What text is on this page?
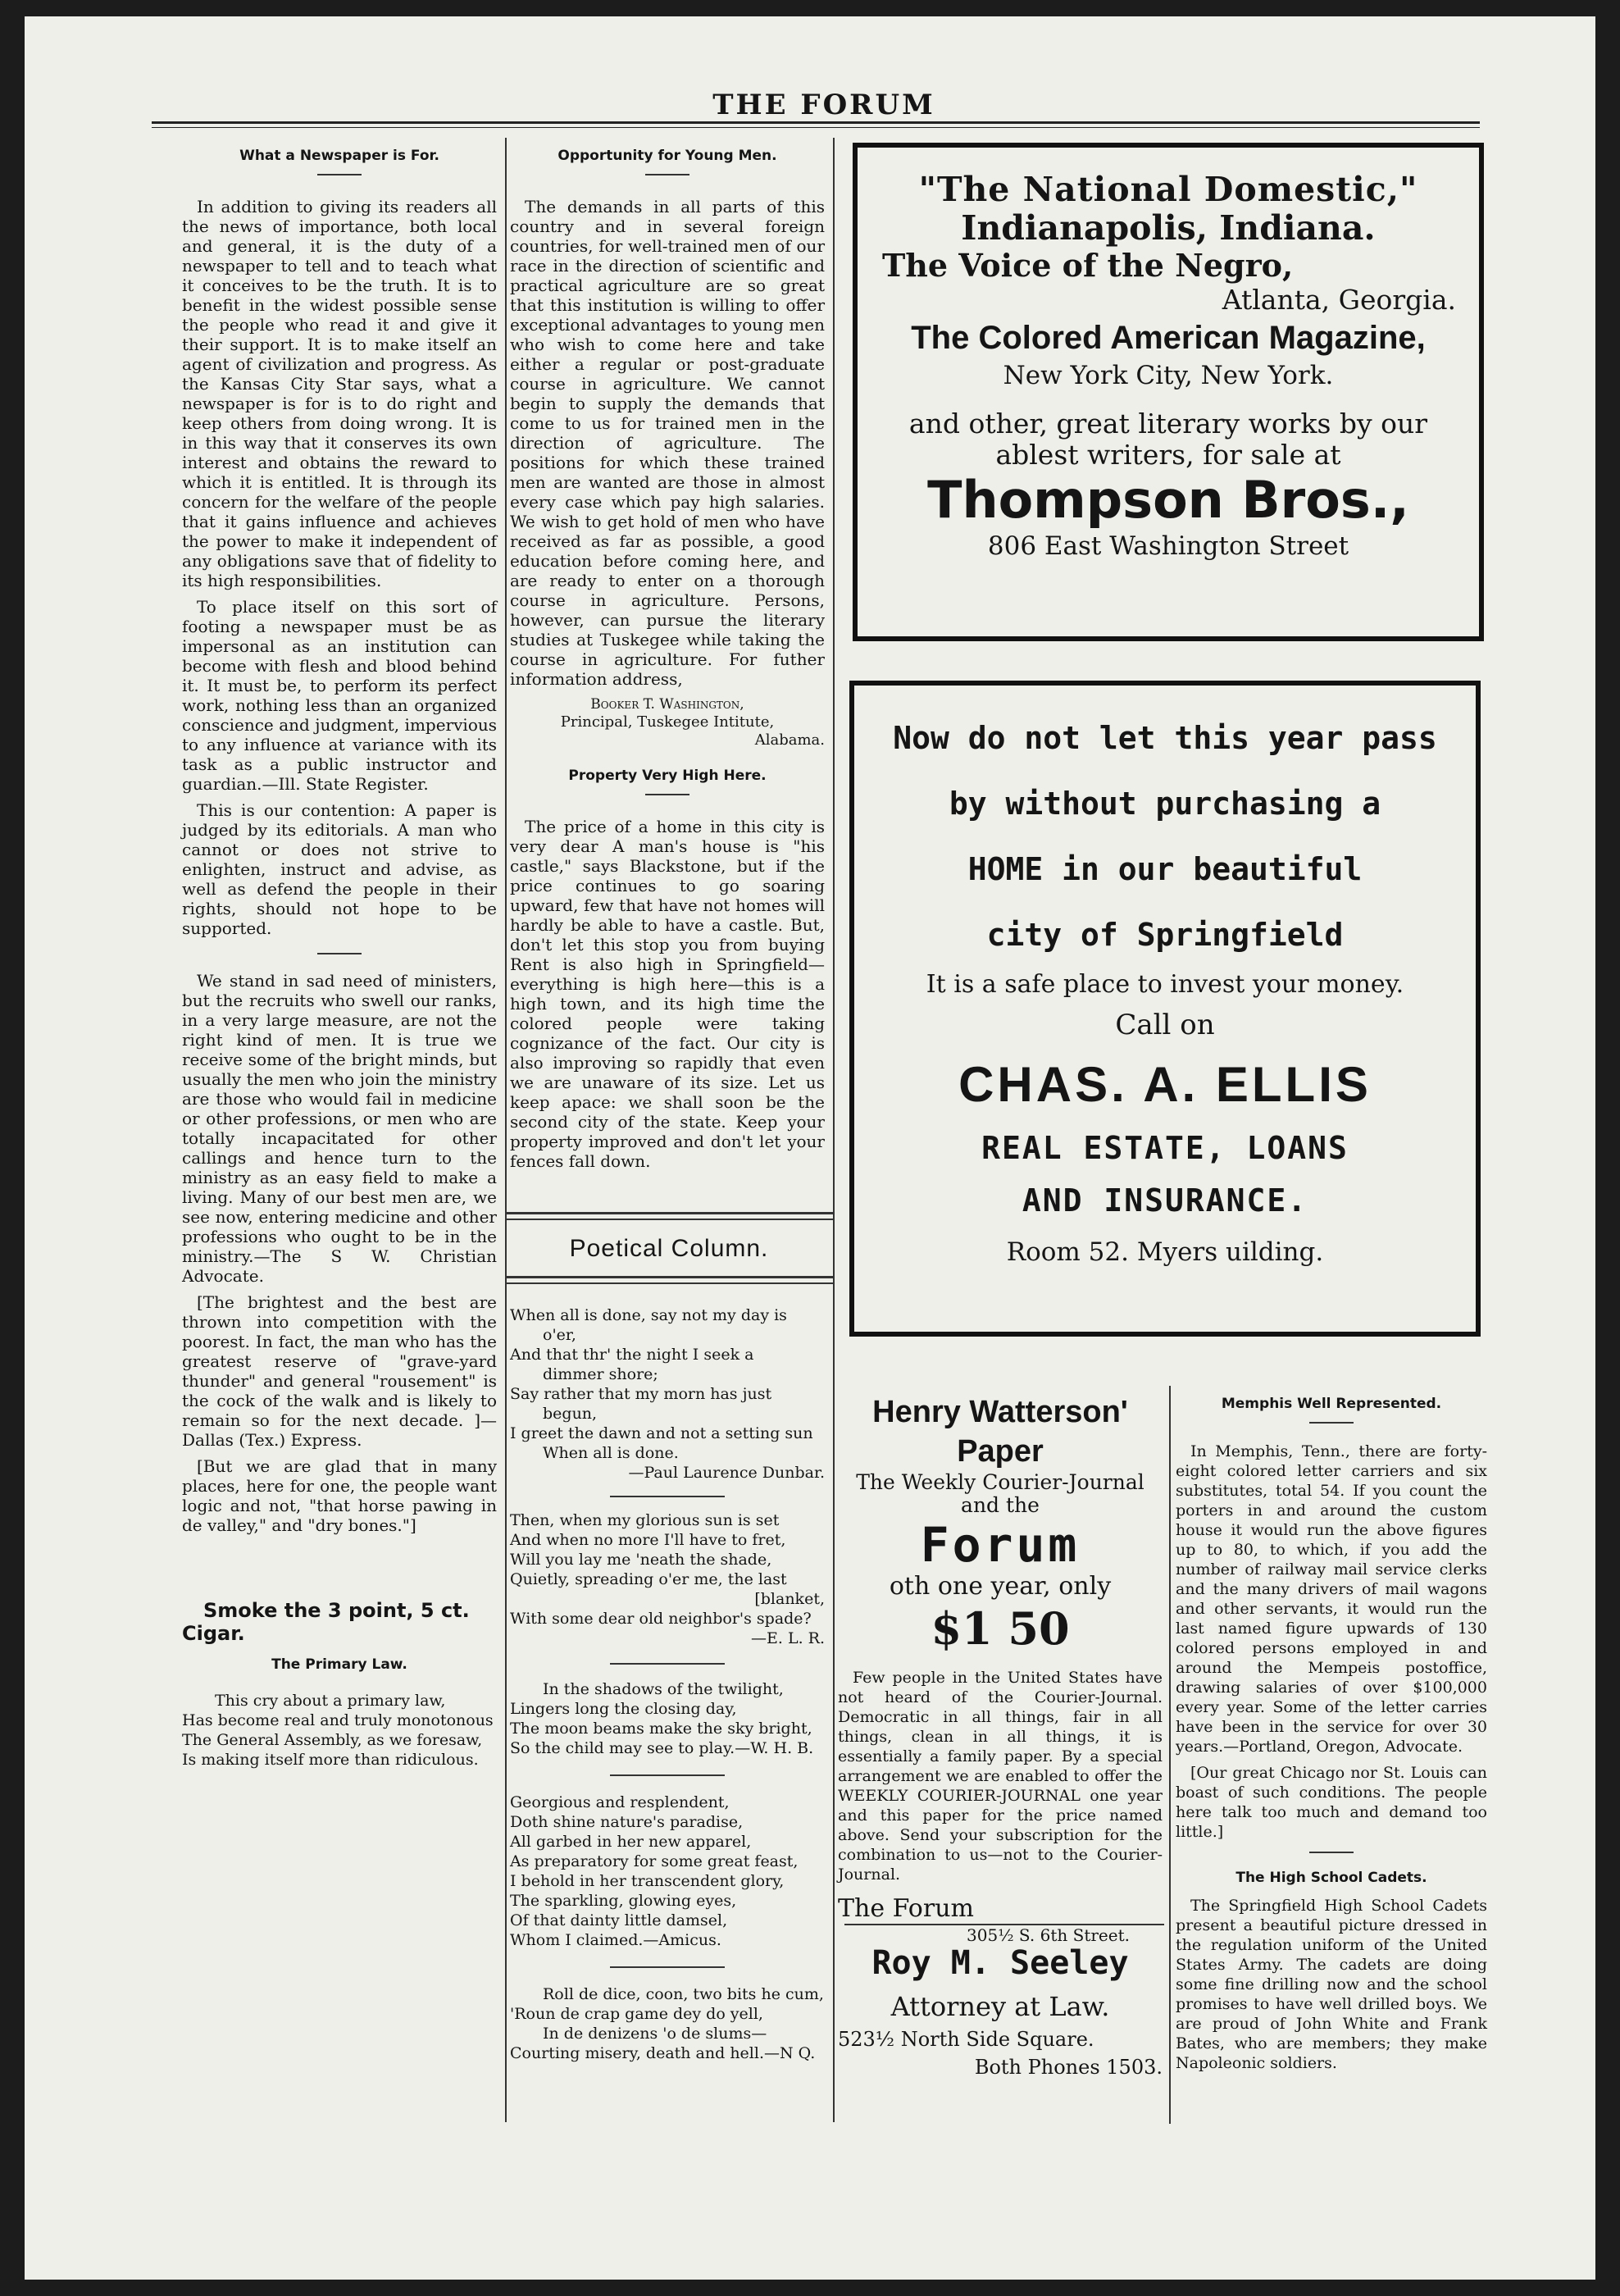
THE FORUM
What a Newspaper is For.

In addition to giving its readers all the news of importance, both local and general, it is the duty of a newspaper to tell and to teach what it conceives to be the truth. It is to benefit in the widest possible sense the people who read it and give it their support. It is to make itself an agent of civilization and progress. As the Kansas City Star says, what a newspaper is for is to do right and keep others from doing wrong. It is in this way that it conserves its own interest and obtains the reward to which it is entitled. It is through its concern for the welfare of the people that it gains influence and achieves the power to make it independent of any obligations save that of fidelity to its high responsibilities.

To place itself on this sort of footing a newspaper must be as impersonal as an institution can become with flesh and blood behind it. It must be, to perform its perfect work, nothing less than an organized conscience and judgment, impervious to any influence at variance with its task as a public instructor and guardian.—Ill. State Register.

This is our contention: A paper is judged by its editorials. A man who cannot or does not strive to enlighten, instruct and advise, as well as defend the people in their rights, should not hope to be supported.

We stand in sad need of ministers, but the recruits who swell our ranks, in a very large measure, are not the right kind of men. It is true we receive some of the bright minds, but usually the men who join the ministry are those who would fail in medicine or other professions, or men who are totally incapacitated for other callings and hence turn to the ministry as an easy field to make a living. Many of our best men are, we see now, entering medicine and other professions who ought to be in the ministry.—The S W. Christian Advocate.

[The brightest and the best are thrown into competition with the poorest. In fact, the man who has the greatest reserve of "grave-yard thunder" and general "rousement" is the cock of the walk and is likely to remain so for the next decade. ]—Dallas (Tex.) Express.

[But we are glad that in many places, here for one, the people want logic and not, "that horse pawing in de valley," and "dry bones."]

Smoke the 3 point, 5 ct.
Cigar.
The Primary Law.
This cry about a primary law,
Has become real and truly monotonous
The General Assembly, as we foresaw,
Is making itself more than ridiculous.
Opportunity for Young Men.

The demands in all parts of this country and in several foreign countries, for well-trained men of our race in the direction of scientific and practical agriculture are so great that this institution is willing to offer exceptional advantages to young men who wish to come here and take either a regular or post-graduate course in agriculture. We cannot begin to supply the demands that come to us for trained men in the direction of agriculture. The positions for which these trained men are wanted are those in almost every case which pay high salaries. We wish to get hold of men who have received as far as possible, a good education before coming here, and are ready to enter on a thorough course in agriculture. Persons, however, can pursue the literary studies at Tuskegee while taking the course in agriculture. For futher information address,

Booker T. Washington,
Principal, Tuskegee Intitute,
Alabama.
Property Very High Here.

The price of a home in this city is very dear A man's house is "his castle," says Blackstone, but if the price continues to go soaring upward, few that have not homes will hardly be able to have a castle. But, don't let this stop you from buying Rent is also high in Springfield—everything is high here—this is a high town, and its high time the colored people were taking cognizance of the fact. Our city is also improving so rapidly that even we are unaware of its size. Let us keep apace: we shall soon be the second city of the state. Keep your property improved and don't let your fences fall down.

Poetical Column.
When all is done, say not my day is
o'er,
And that thr' the night I seek a
dimmer shore;
Say rather that my morn has just
begun,
I greet the dawn and not a setting sun
When all is done.
—Paul Laurence Dunbar.
Then, when my glorious sun is set
And when no more I'll have to fret,
Will you lay me 'neath the shade,
Quietly, spreading o'er me, the last
[blanket,
With some dear old neighbor's spade?
—E. L. R.
In the shadows of the twilight,
Lingers long the closing day,
The moon beams make the sky bright,
So the child may see to play.—W. H. B.
Georgious and resplendent,
Doth shine nature's paradise,
All garbed in her new apparel,
As preparatory for some great feast,
I behold in her transcendent glory,
The sparkling, glowing eyes,
Of that dainty little damsel,
Whom I claimed.—Amicus.
Roll de dice, coon, two bits he cum,
'Roun de crap game dey do yell,
In de denizens 'o de slums—
Courting misery, death and hell.—N Q.
"The National Domestic,"
Indianapolis, Indiana.
The Voice of the Negro,
Atlanta, Georgia.
The Colored American Magazine,
New York City, New York.
and other, great literary works by our
ablest writers, for sale at
Thompson Bros.,
806 East Washington Street
Now do not let this year pass
by without purchasing a
HOME in our beautiful
city of Springfield
It is a safe place to invest your money.
Call on
CHAS. A. ELLIS
REAL ESTATE, LOANS
AND INSURANCE.
Room 52. Myers uilding.
Henry Watterson' Paper
The Weekly Courier-Journal
and the
Forum
oth one year, only
$1 50
Few people in the United States have not heard of the Courier-Journal. Democratic in all things, fair in all things, clean in all things, it is essentially a family paper. By a special arrangement we are enabled to offer the WEEKLY COURIER-JOURNAL one year and this paper for the price named above. Send your subscription for the combination to us—not to the Courier-Journal.
The Forum
305½ S. 6th Street.
Roy M. Seeley
Attorney at Law.
523½ North Side Square.
Both Phones 1503.
Memphis Well Represented.

In Memphis, Tenn., there are forty-eight colored letter carriers and six substitutes, total 54. If you count the porters in and around the custom house it would run the above figures up to 80, to which, if you add the number of railway mail service clerks and the many drivers of mail wagons and other servants, it would run the last named figure upwards of 130 colored persons employed in and around the Mempeis postoffice, drawing salaries of over $100,000 every year. Some of the letter carries have been in the service for over 30 years.—Portland, Oregon, Advocate.

[Our great Chicago nor St. Louis can boast of such conditions. The people here talk too much and demand too little.]

The High School Cadets.

The Springfield High School Cadets present a beautiful picture dressed in the regulation uniform of the United States Army. The cadets are doing some fine drilling now and the school promises to have well drilled boys. We are proud of John White and Frank Bates, who are members; they make Napoleonic soldiers.
